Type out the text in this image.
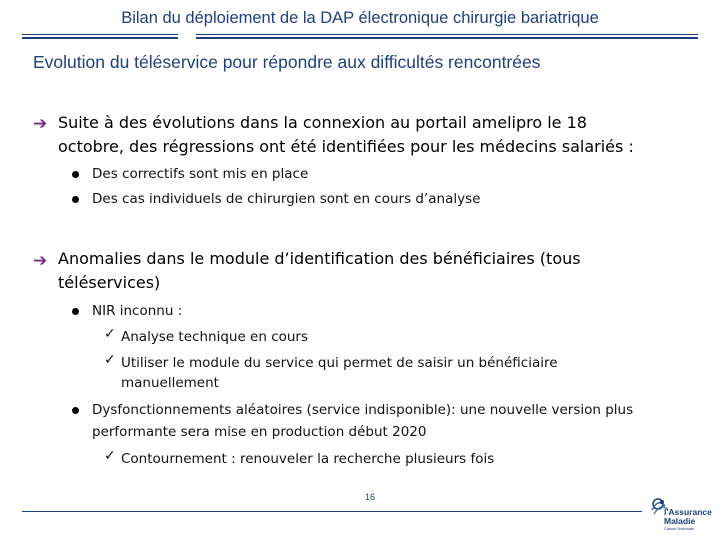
Bilan du déploiement de la DAP électronique chirurgie bariatrique
Evolution du téléservice pour répondre aux difficultés rencontrées
➔ Suite à des évolutions dans la connexion au portail amelipro le 18
octobre, des régressions ont été identifiées pour les médecins salariés :
Des correctifs sont mis en place
Des cas individuels de chirurgien sont en cours d’analyse
➔ Anomalies dans le module d’identification des bénéficiaires (tous
téléservices)
NIR inconnu :
✓ Analyse technique en cours
✓ Utiliser le module du service qui permet de saisir un bénéficiaire
manuellement
Dysfonctionnements aléatoires (service indisponible): une nouvelle version plus
performante sera mise en production début 2020
✓ Contournement : renouveler la recherche plusieurs fois
16
l'Assurance
Maladie
Caisse Nationale
